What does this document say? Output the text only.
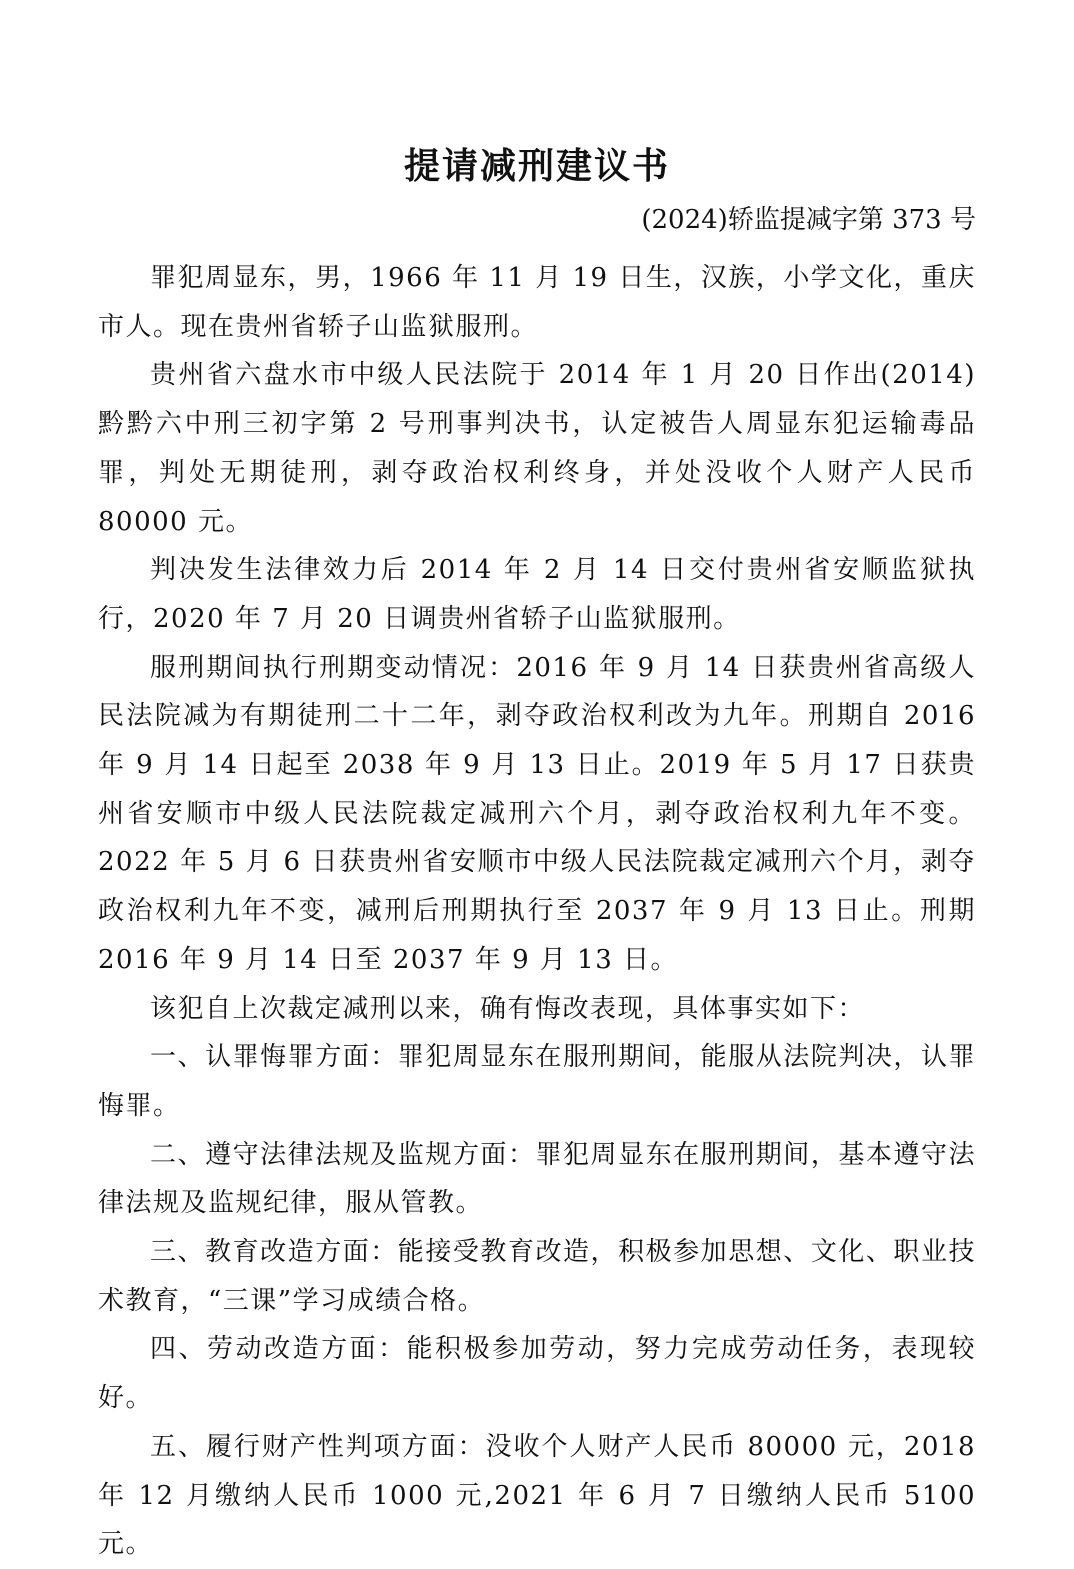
提请减刑建议书
(2024)轿监提减字第 373 号

罪犯周显东，男，1966 年 11 月 19 日生，汉族，小学文化，重庆市人。现在贵州省轿子山监狱服刑。

贵州省六盘水市中级人民法院于 2014 年 1 月 20 日作出(2014)黔黔六中刑三初字第 2 号刑事判决书，认定被告人周显东犯运输毒品罪，判处无期徒刑，剥夺政治权利终身，并处没收个人财产人民币 80000 元。

判决发生法律效力后 2014 年 2 月 14 日交付贵州省安顺监狱执行，2020 年 7 月 20 日调贵州省轿子山监狱服刑。

服刑期间执行刑期变动情况：2016 年 9 月 14 日获贵州省高级人民法院减为有期徒刑二十二年，剥夺政治权利改为九年。刑期自 2016 年 9 月 14 日起至 2038 年 9 月 13 日止。2019 年 5 月 17 日获贵州省安顺市中级人民法院裁定减刑六个月，剥夺政治权利九年不变。2022 年 5 月 6 日获贵州省安顺市中级人民法院裁定减刑六个月，剥夺政治权利九年不变，减刑后刑期执行至 2037 年 9 月 13 日止。刑期 2016 年 9 月 14 日至 2037 年 9 月 13 日。

该犯自上次裁定减刑以来，确有悔改表现，具体事实如下：

一、认罪悔罪方面：罪犯周显东在服刑期间，能服从法院判决，认罪悔罪。

二、遵守法律法规及监规方面：罪犯周显东在服刑期间，基本遵守法律法规及监规纪律，服从管教。

三、教育改造方面：能接受教育改造，积极参加思想、文化、职业技术教育，“三课”学习成绩合格。

四、劳动改造方面：能积极参加劳动，努力完成劳动任务，表现较好。

五、履行财产性判项方面：没收个人财产人民币 80000 元，2018 年 12 月缴纳人民币 1000 元,2021 年 6 月 7 日缴纳人民币 5100 元。
